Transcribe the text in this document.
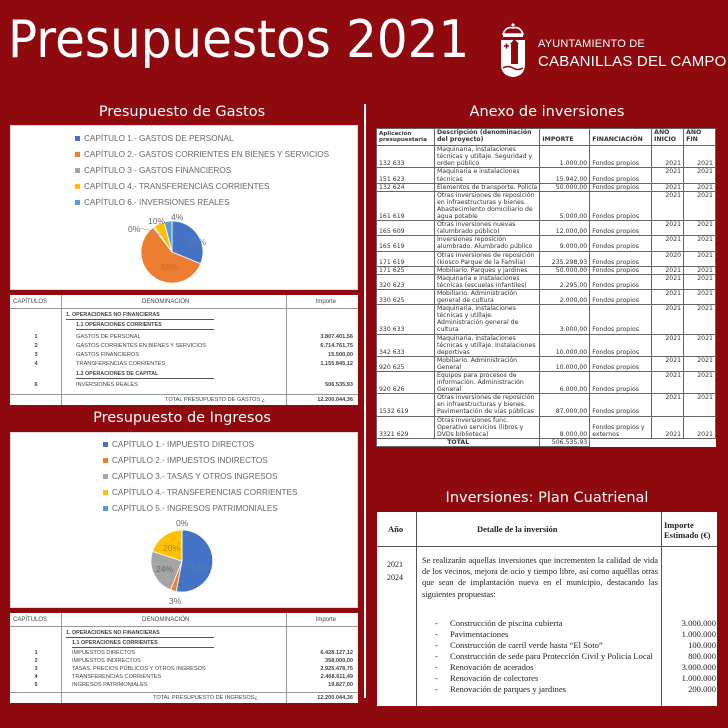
Presupuestos 2021	AYUNTAMIENTO DE
CABANILLAS DEL CAMPO
Presupuesto de Gastos
CAPÍTULO 1.- GASTOS DE PERSONAL
CAPÍTULO 2.- GASTOS CORRIENTES EN BIENES Y SERVICIOS
CAPÍTULO 3 - GASTOS FINANCIEROS
CAPÍTULO 4.- TRANSFERENCIAS CORRIENTES
CAPÍTULO 6.- INVERSIONES REALES
31%
55%
0%
10% 4%
CAPÍTULOS	DENOMINACIÓN	Importe
1. OPERACIONES NO FINANCIERAS
1.1 OPERACIONES CORRIENTES
1	GASTOS DE PERSONAL	3.807.401,56
2	GASTOS CORRIENTES EN BIENES Y SERVICIOS	6.714.761,75
3	GASTOS FINANCIEROS	15.500,00
4	TRANSFERENCIAS CORRIENTES	1.155.845,12
1.2 OPERACIONES DE CAPITAL
6	INVERSIONES REALES	506.535,93
TOTAL PRESUPUESTO DE GASTOS ¿	12.200.044,36
Presupuesto de Ingresos
CAPÍTULO 1.- IMPUESTO DIRECTOS
CAPÍTULO 2.- IMPUESTOS INDIRECTOS
CAPÍTULO 3.- TASAS Y OTROS INGRESOS
CAPÍTULO 4.- TRANSFERENCIAS CORRIENTES
CAPÍTULO 5.- INGRESOS PATRIMONIALES
53%
3%
24%
20%
0%
CAPÍTULOS	DENOMINACIÓN	Importe
1. OPERACIONES NO FINANCIERAS
1.1 OPERACIONES CORRIENTES
1	IMPUESTOS DIRECTOS	6.428.127,12
2	IMPUESTOS INDIRECTOS	358.000,00
3	TASAS, PRECIOS PÚBLICOS Y OTROS INGRESOS	2.925.478,75
4	TRANSFERENCIAS CORRIENTES	2.468.611,49
5	INGRESOS PATRIMONIALES	19.827,00
TOTAL PRESUPUESTO DE INGRESOS¿	12.200.044,36
Anexo de inversiones
Aplicación presupuestaria	Descripción (denominación del proyecto)	IMPORTE	FINANCIACIÓN	AÑO INICIO	AÑO FIN
132 633	Maquinaria, instalaciones técnicas y utillaje. Seguridad y orden público	1.000,00	Fondos propios	2021	2021
151 623	Maquinaria e instalaciones técnicas	15.942,00	Fondos propios	2021	2021
132 624	Elementos de transporte. Policía	50.000,00	Fondos propios	2021	2021
161 619	Otras inversiones de reposición en infraestructuras y bienes. Abastecimiento domiciliario de agua potable	5.000,00	Fondos propios	2021	2021
165 609	Otras inversiones nuevas (alumbrado público)	12.000,00	Fondos propios	2021	2021
165 619	Inversiones reposición alumbrado. Alumbrado público	9.000,00	Fondos propios	2021	2021
171 619	Otras inversiones de reposición (kiosco Parque de la Familia)	235.298,93	Fondos propios	2020	2021
171 625	Mobiliario. Parques y jardines	50.000,00	Fondos propios	2021	2021
320 623	Maquinaria e instalaciones técnicas (escuelas infantiles)	2.295,00	Fondos propios	2021	2021
330 625	Mobiliario. Administración general de cultura	2.000,00	Fondos propios	2021	2021
330 633	Maquinaria, instalaciones técnicas y utillaje. Administración general de cultura	3.000,00	Fondos propios	2021	2021
342 633	Maquinaria, instalaciones técnicas y utillaje. Instalaciones deportivas	10.000,00	Fondos propios	2021	2021
920 625	Mobiliario. Administración General	10.000,00	Fondos propios	2021	2021
920 626	Equipos para procesos de información. Administración General	6.000,00	Fondos propios	2021	2021
1532 619	Otras inversiones de reposición en infraestructuras y bienes. Pavimentación de vías públicas	87.000,00	Fondos propios	2021	2021
3321 629	Otras inversiones func. Operativo servicios (libros y DVDs biblioteca)	8.000,00	Fondos propios y externos	2021	2021
TOTAL		506.535,93			
Inversiones: Plan Cuatrienal
Año	Detalle de la inversión	Importe Estimado (€)
2021
2024
Se realizarán aquellas inversiones que incrementen la calidad de vida de los vecinos, mejora de ocio y tiempo libre, así como aquéllas otras que sean de implantación nueva en el municipio, destacando las siguientes propuestas:
- Construcción de piscina cubierta	3.000.000
- Pavimentaciones	1.000.000
- Construcción de carril verde hasta “El Soto”	100.000
- Construcción de sede para Protección Civil y Policía Local	800.000
- Renovación de acerados	3.000.000
- Renovación de colectores	1.000.000
- Renovación de parques y jardines	200.000
